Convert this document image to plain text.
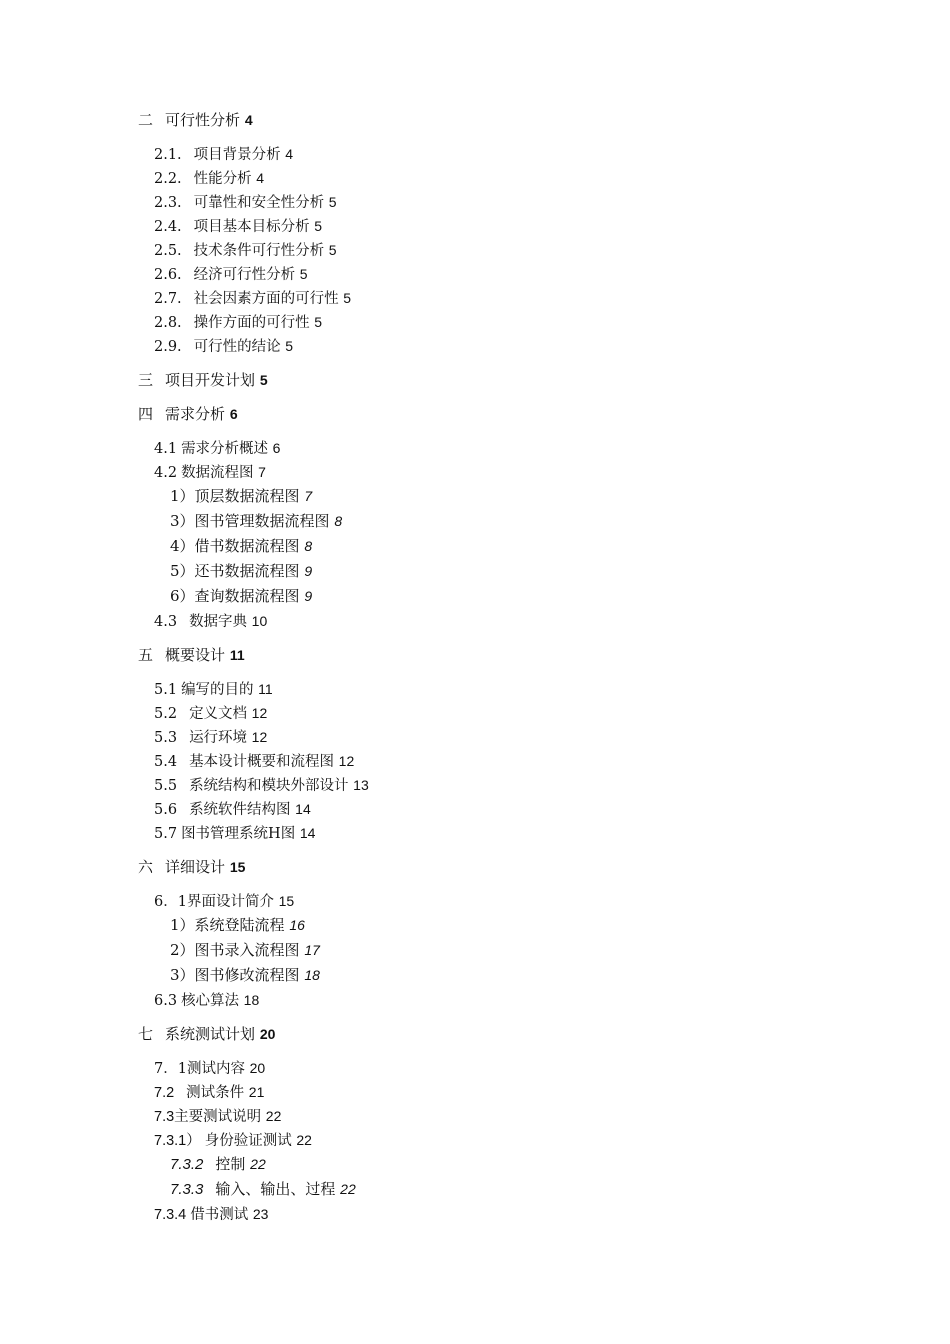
二 可行性分析 4
2.1. 项目背景分析 4
2.2. 性能分析 4
2.3. 可靠性和安全性分析 5
2.4. 项目基本目标分析 5
2.5. 技术条件可行性分析 5
2.6. 经济可行性分析 5
2.7. 社会因素方面的可行性 5
2.8. 操作方面的可行性 5
2.9. 可行性的结论 5
三 项目开发计划 5
四 需求分析 6
4.1 需求分析概述 6
4.2 数据流程图 7
1）顶层数据流程图 7
3）图书管理数据流程图 8
4）借书数据流程图 8
5）还书数据流程图 9
6）查询数据流程图 9
4.3 数据字典 10
五 概要设计 11
5.1 编写的目的 11
5.2 定义文档 12
5.3 运行环境 12
5.4 基本设计概要和流程图 12
5.5 系统结构和模块外部设计 13
5.6 系统软件结构图 14
5.7 图书管理系统H图 14
六 详细设计 15
6．1界面设计简介 15
1）系统登陆流程 16
2）图书录入流程图 17
3）图书修改流程图 18
6.3 核心算法 18
七 系统测试计划 20
7．1测试内容 20
7.2 测试条件 21
7.3主要测试说明 22
7.3.1） 身份验证测试 22
7.3.2 控制 22
7.3.3 输入、输出、过程 22
7.3.4 借书测试 23
